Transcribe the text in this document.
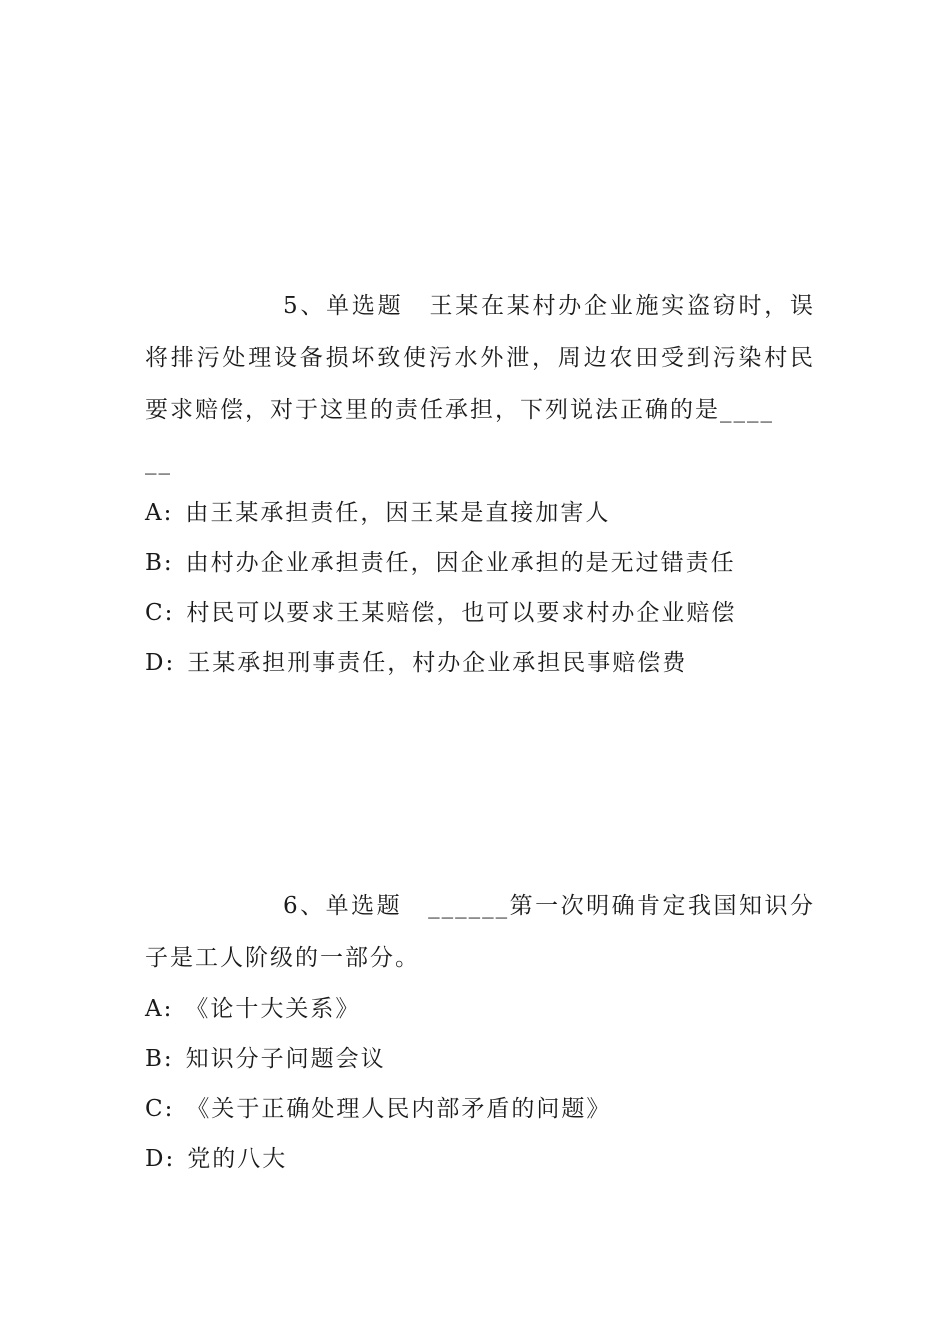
5、单选题 王某在某村办企业施实盗窃时，误将排污处理设备损坏致使污水外泄，周边农田受到污染村民要求赔偿，对于这里的责任承担，下列说法正确的是____
__

A: 由王某承担责任，因王某是直接加害人

B: 由村办企业承担责任，因企业承担的是无过错责任

C: 村民可以要求王某赔偿，也可以要求村办企业赔偿

D: 王某承担刑事责任，村办企业承担民事赔偿费

6、单选题 ______第一次明确肯定我国知识分子是工人阶级的一部分。

A: 《论十大关系》

B: 知识分子问题会议

C: 《关于正确处理人民内部矛盾的问题》

D: 党的八大
